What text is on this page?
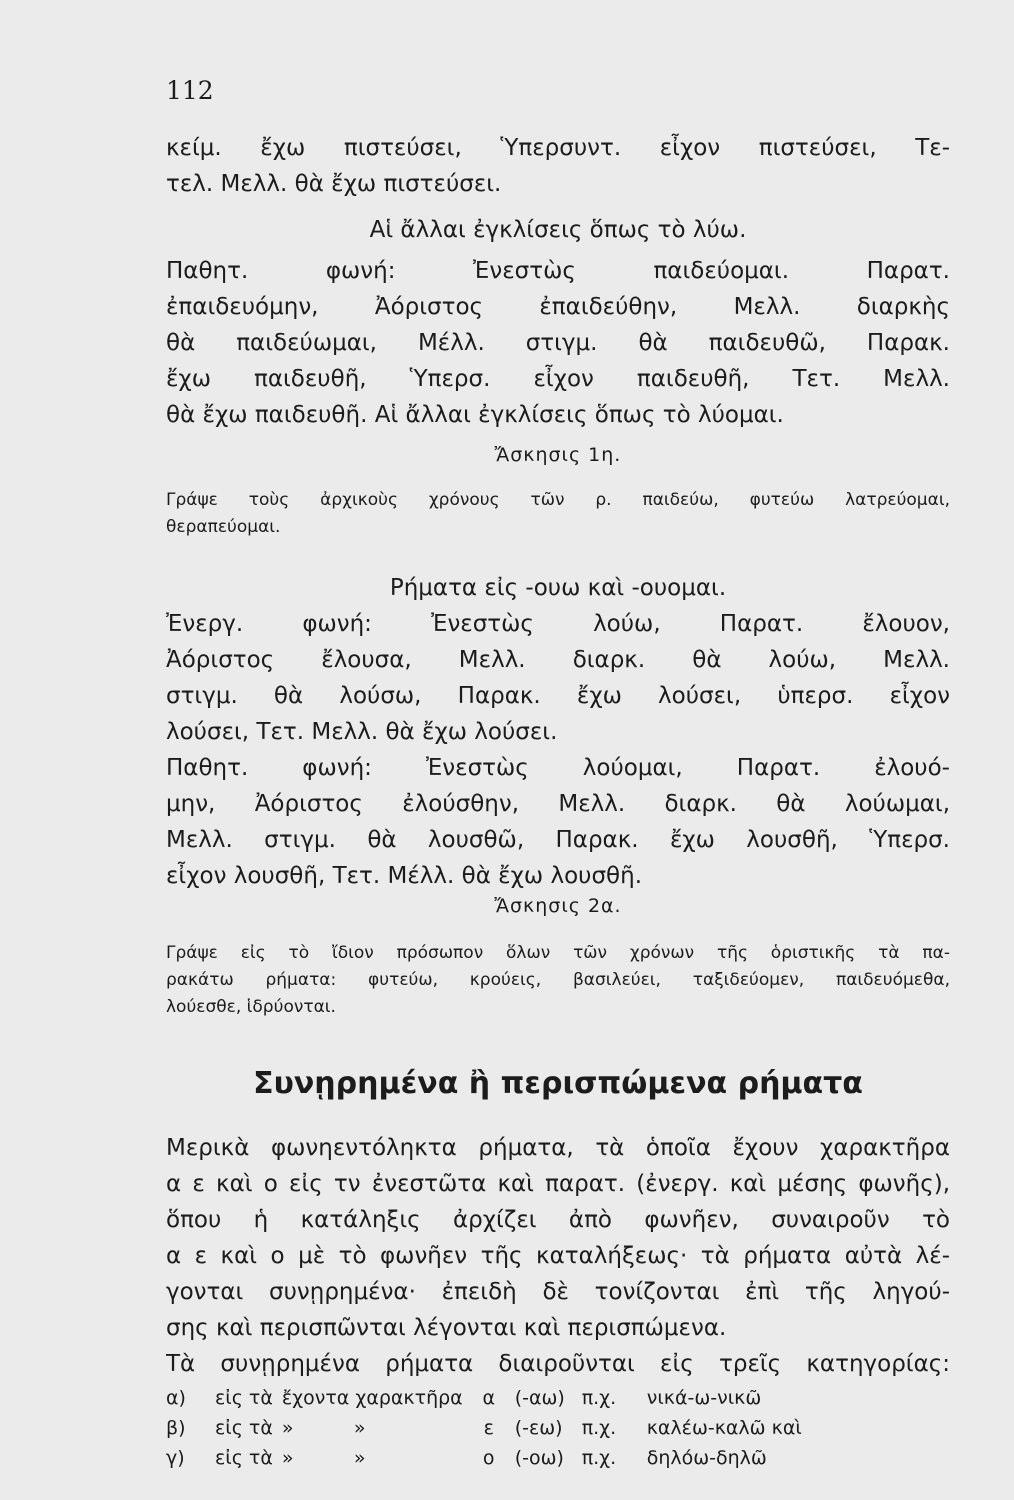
112
κείμ. ἔχω πιστεύσει, Ὑπερσυντ. εἶχον πιστεύσει, Τε-
τελ. Μελλ. θὰ ἔχω πιστεύσει.
Αἱ ἄλλαι ἐγκλίσεις ὅπως τὸ λύω.
Παθητ. φωνή: Ἐνεστὼς παιδεύομαι. Παρατ.
ἐπαιδευόμην, Ἀόριστος ἐπαιδεύθην, Μελλ. διαρκὴς
θὰ παιδεύωμαι, Μέλλ. στιγμ. θὰ παιδευθῶ, Παρακ.
ἔχω παιδευθῆ, Ὑπερσ. εἶχον παιδευθῆ, Τετ. Μελλ.
θὰ ἔχω παιδευθῆ. Αἱ ἄλλαι ἐγκλίσεις ὅπως τὸ λύομαι.
Ἄσκησις 1η.
Γράψε τοὺς ἀρχικοὺς χρόνους τῶν ρ. παιδεύω, φυτεύω λατρεύομαι,
θεραπεύομαι.
Ρήματα εἰς -ουω καὶ -ουομαι.
Ἐνεργ. φωνή: Ἐνεστὼς λούω, Παρατ. ἔλουον,
Ἀόριστος ἔλουσα, Μελλ. διαρκ. θὰ λούω, Μελλ.
στιγμ. θὰ λούσω, Παρακ. ἔχω λούσει, ὑπερσ. εἶχον
λούσει, Τετ. Μελλ. θὰ ἔχω λούσει.
Παθητ. φωνή: Ἐνεστὼς λούομαι, Παρατ. ἐλουό-
μην, Ἀόριστος ἐλούσθην, Μελλ. διαρκ. θὰ λούωμαι,
Μελλ. στιγμ. θὰ λουσθῶ, Παρακ. ἔχω λουσθῆ, Ὑπερσ.
εἶχον λουσθῆ, Τετ. Μέλλ. θὰ ἔχω λουσθῆ.
Ἄσκησις 2α.
Γράψε εἰς τὸ ἴδιον πρόσωπον ὅλων τῶν χρόνων τῆς ὁριστικῆς τὰ πα-
ρακάτω ρήματα: φυτεύω, κρούεις, βασιλεύει, ταξιδεύομεν, παιδευόμεθα,
λούεσθε, ἱδρύονται.
Συνῃρημένα ἢ περισπώμενα ρήματα
Μερικὰ φωνηεντόληκτα ρήματα, τὰ ὁποῖα ἔχουν χαρακτῆρα
α ε καὶ ο εἰς τν ἐνεστῶτα καὶ παρατ. (ἐνεργ. καὶ μέσης φωνῆς),
ὅπου ἡ κατάληξις ἀρχίζει ἀπὸ φωνῆεν, συναιροῦν τὸ
α ε καὶ ο μὲ τὸ φωνῆεν τῆς καταλήξεως· τὰ ρήματα αὐτὰ λέ-
γονται συνῃρημένα· ἐπειδὴ δὲ τονίζονται ἐπὶ τῆς ληγού-
σης καὶ περισπῶνται λέγονται καὶ περισπώμενα.
Τὰ συνῃρημένα ρήματα διαιροῦνται εἰς τρεῖς κατηγορίας:
α)	εἰς τὰ	ἔχοντα χαρακτῆρα	α	(-αω)	π.χ.	νικά-ω-νικῶ
β)	εἰς τὰ	»          »	ε	(-εω)	π.χ.	καλέω-καλῶ καὶ
γ)	εἰς τὰ	»          »	ο	(-οω)	π.χ.	δηλόω-δηλῶ
